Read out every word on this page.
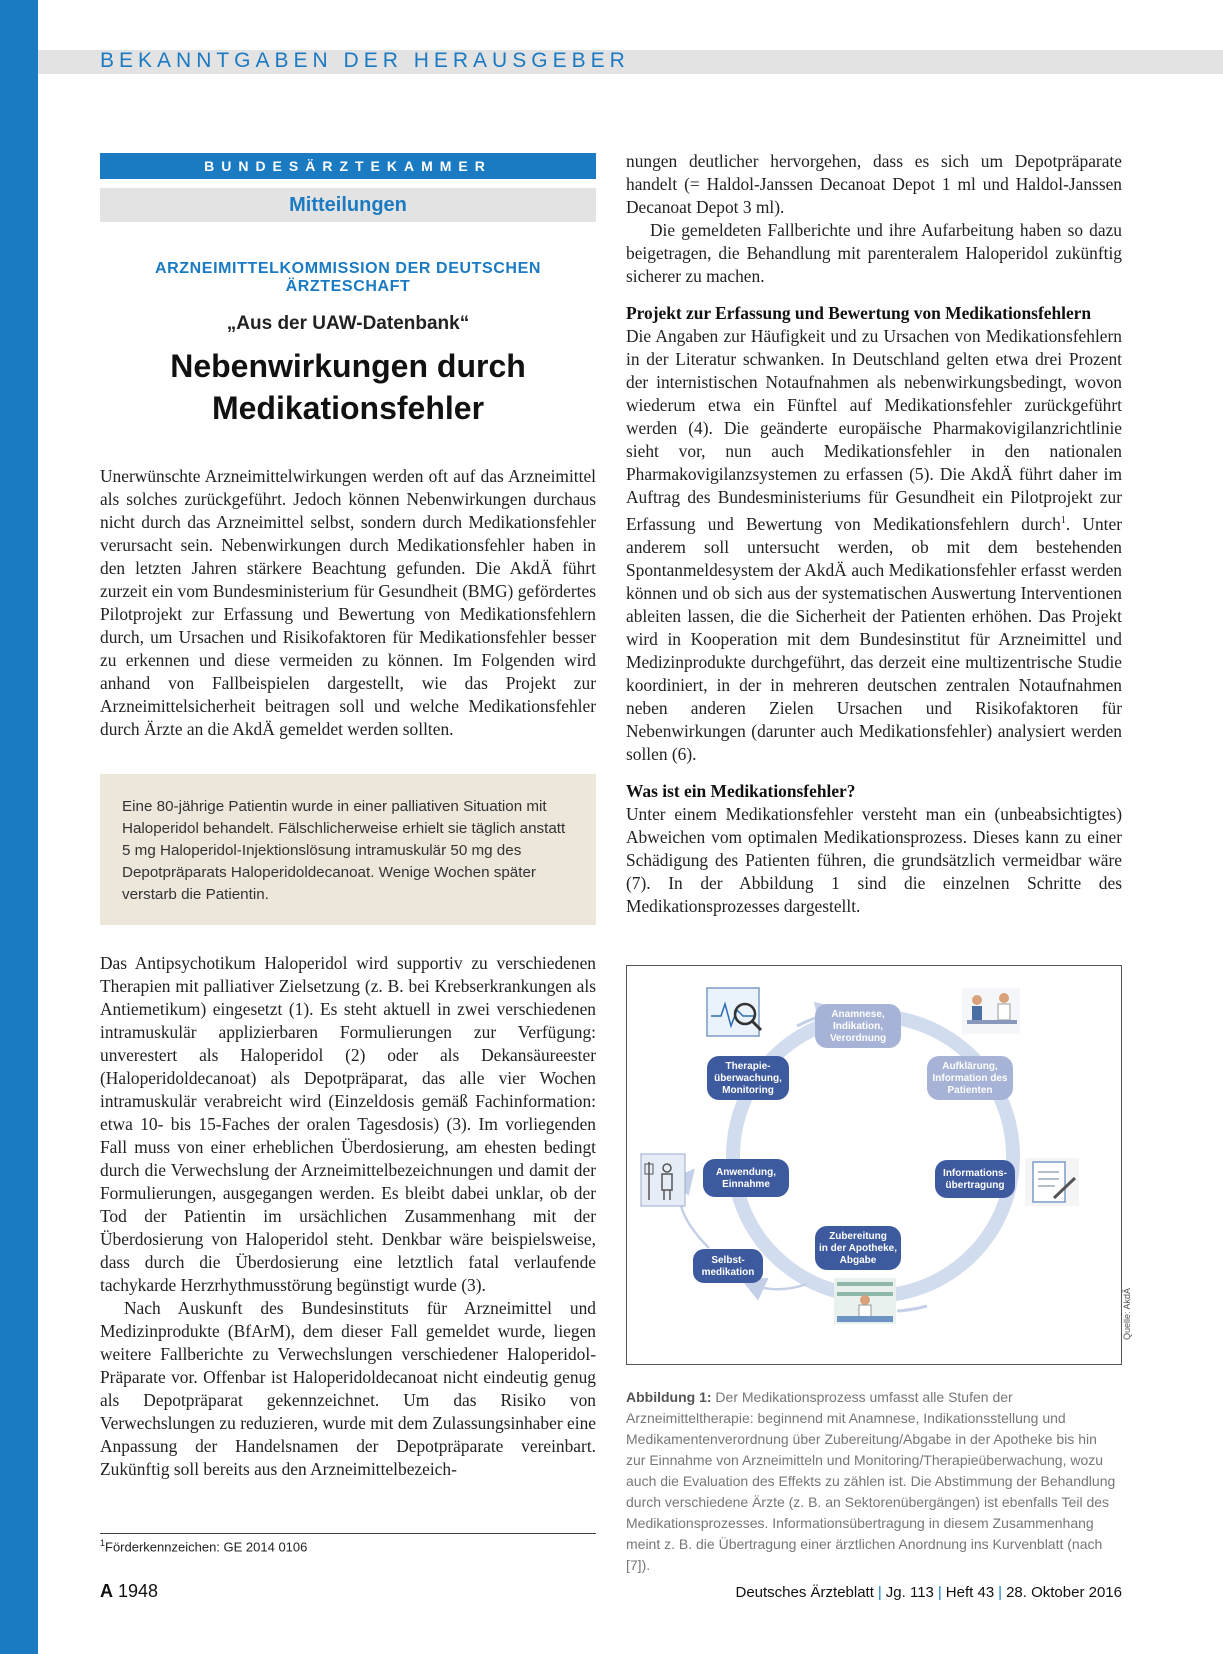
BEKANNTGABEN DER HERAUSGEBER
BUNDESÄRZTEKAMMER
Mitteilungen
ARZNEIMITTELKOMMISSION DER DEUTSCHEN ÄRZTESCHAFT
„Aus der UAW-Datenbank“
Nebenwirkungen durch
Medikationsfehler

Unerwünschte Arzneimittelwirkungen werden oft auf das Arzneimittel als solches zurückgeführt. Jedoch können Nebenwirkungen durchaus nicht durch das Arzneimittel selbst, sondern durch Medikationsfehler verursacht sein. Nebenwirkungen durch Medikationsfehler haben in den letzten Jahren stärkere Beachtung gefunden. Die AkdÄ führt zurzeit ein vom Bundesministerium für Gesundheit (BMG) gefördertes Pilotprojekt zur Erfassung und Bewertung von Medikationsfehlern durch, um Ursachen und Risikofaktoren für Medikationsfehler besser zu erkennen und diese vermeiden zu können. Im Folgenden wird anhand von Fallbeispielen dargestellt, wie das Projekt zur Arzneimittelsicherheit beitragen soll und welche Medikationsfehler durch Ärzte an die AkdÄ gemeldet werden sollten.

Eine 80-jährige Patientin wurde in einer palliativen Situation mit Haloperidol behandelt. Fälschlicherweise erhielt sie täglich anstatt 5 mg Haloperidol-Injektionslösung intramuskulär 50 mg des Depotpräparats Haloperidoldecanoat. Wenige Wochen später verstarb die Patientin.

Das Antipsychotikum Haloperidol wird supportiv zu verschiedenen Therapien mit palliativer Zielsetzung (z. B. bei Krebserkrankungen als Antiemetikum) eingesetzt (1). Es steht aktuell in zwei verschiedenen intramuskulär applizierbaren Formulierungen zur Verfügung: unverestert als Haloperidol (2) oder als Dekansäureester (Haloperidoldecanoat) als Depotpräparat, das alle vier Wochen intramuskulär verabreicht wird (Einzeldosis gemäß Fachinformation: etwa 10- bis 15-Faches der oralen Tagesdosis) (3). Im vorliegenden Fall muss von einer erheblichen Überdosierung, am ehesten bedingt durch die Verwechslung der Arzneimittelbezeichnungen und damit der Formulierungen, ausgegangen werden. Es bleibt dabei unklar, ob der Tod der Patientin im ursächlichen Zusammenhang mit der Überdosierung von Haloperidol steht. Denkbar wäre beispielsweise, dass durch die Überdosierung eine letztlich fatal verlaufende tachykarde Herzrhythmusstörung begünstigt wurde (3).

Nach Auskunft des Bundesinstituts für Arzneimittel und Medizinprodukte (BfArM), dem dieser Fall gemeldet wurde, liegen weitere Fallberichte zu Verwechslungen verschiedener Haloperidol-Präparate vor. Offenbar ist Haloperidoldecanoat nicht eindeutig genug als Depotpräparat gekennzeichnet. Um das Risiko von Verwechslungen zu reduzieren, wurde mit dem Zulassungsinhaber eine Anpassung der Handelsnamen der Depotpräparate vereinbart. Zukünftig soll bereits aus den Arzneimittelbezeich-

$^1$Förderkennzeichen: GE 2014 0106

nungen deutlicher hervorgehen, dass es sich um Depotpräparate handelt (= Haldol-Janssen Decanoat Depot 1 ml und Haldol-Janssen Decanoat Depot 3 ml).

Die gemeldeten Fallberichte und ihre Aufarbeitung haben so dazu beigetragen, die Behandlung mit parenteralem Haloperidol zukünftig sicherer zu machen.

Projekt zur Erfassung und Bewertung von Medikationsfehlern

Die Angaben zur Häufigkeit und zu Ursachen von Medikationsfehlern in der Literatur schwanken. In Deutschland gelten etwa drei Prozent der internistischen Notaufnahmen als nebenwirkungsbedingt, wovon wiederum etwa ein Fünftel auf Medikationsfehler zurückgeführt werden (4). Die geänderte europäische Pharmakovigilanzrichtlinie sieht vor, nun auch Medikationsfehler in den nationalen Pharmakovigilanzsystemen zu erfassen (5). Die AkdÄ führt daher im Auftrag des Bundesministeriums für Gesundheit ein Pilotprojekt zur Erfassung und Bewertung von Medikationsfehlern durch$^1$. Unter anderem soll untersucht werden, ob mit dem bestehenden Spontanmeldesystem der AkdÄ auch Medikationsfehler erfasst werden können und ob sich aus der systematischen Auswertung Interventionen ableiten lassen, die die Sicherheit der Patienten erhöhen. Das Projekt wird in Kooperation mit dem Bundesinstitut für Arzneimittel und Medizinprodukte durchgeführt, das derzeit eine multizentrische Studie koordiniert, in der in mehreren deutschen zentralen Notaufnahmen neben anderen Zielen Ursachen und Risikofaktoren für Nebenwirkungen (darunter auch Medikationsfehler) analysiert werden sollen (6).

Was ist ein Medikationsfehler?

Unter einem Medikationsfehler versteht man ein (unbeabsichtigtes) Abweichen vom optimalen Medikationsprozess. Dieses kann zu einer Schädigung des Patienten führen, die grundsätzlich vermeidbar wäre (7). In der Abbildung 1 sind die einzelnen Schritte des Medikationsprozesses dargestellt.

Anamnese,
Indikation,
Verordnung
Aufklärung,
Information des
Patienten
Informations-
übertragung
Zubereitung
in der Apotheke,
Abgabe
Anwendung,
Einnahme
Therapie-
überwachung,
Monitoring
Selbst-
medikation
Quelle: AkdÄ
Abbildung 1: Der Medikationsprozess umfasst alle Stufen der Arzneimitteltherapie: beginnend mit Anamnese, Indikationsstellung und Medikamentenverordnung über Zubereitung/Abgabe in der Apotheke bis hin zur Einnahme von Arzneimitteln und Monitoring/Therapieüberwachung, wozu auch die Evaluation des Effekts zu zählen ist. Die Abstimmung der Behandlung durch verschiedene Ärzte (z. B. an Sektorenübergängen) ist ebenfalls Teil des Medikationsprozesses. Informationsübertragung in diesem Zusammenhang meint z. B. die Übertragung einer ärztlichen Anordnung ins Kurvenblatt (nach [7]).
A 1948	Deutsches Ärzteblatt | Jg. 113 | Heft 43 | 28. Oktober 2016
